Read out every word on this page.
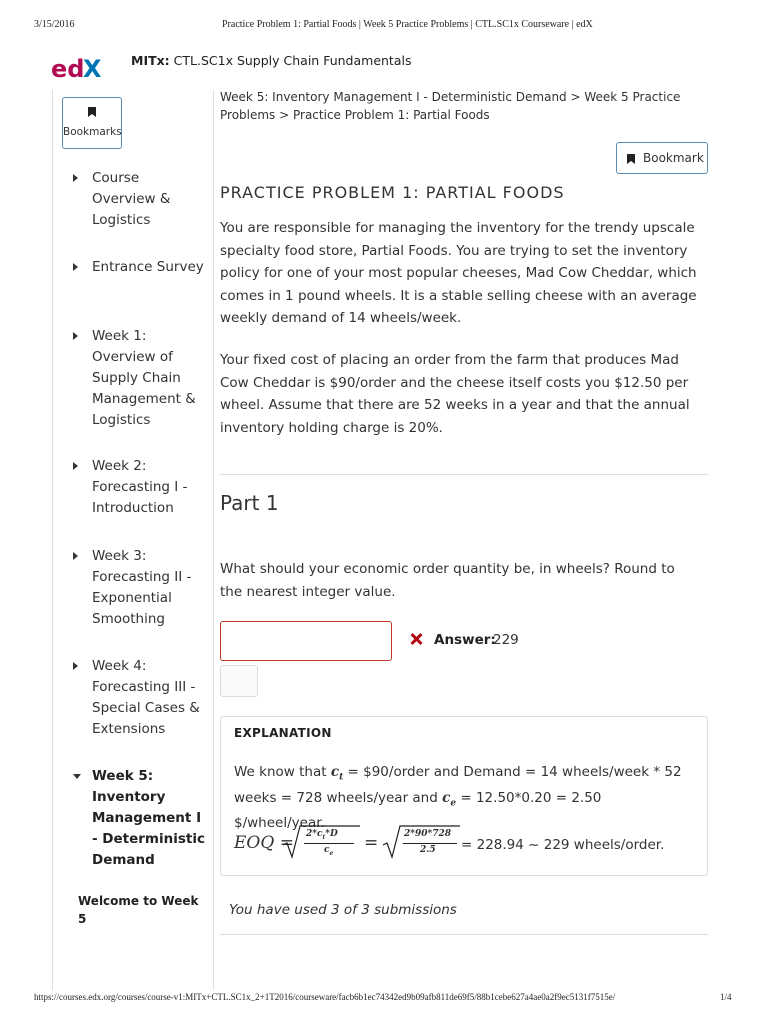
3/15/2016	Practice Problem 1: Partial Foods | Week 5 Practice Problems | CTL.SC1x Courseware | edX
ed
X MITx: CTL.SC1x Supply Chain Fundamentals
Bookmarks
Course Overview & Logistics
Entrance Survey
Week 1: Overview of Supply Chain Management & Logistics
Week 2: Forecasting I - Introduction
Week 3: Forecasting II - Exponential Smoothing
Week 4: Forecasting III - Special Cases & Extensions
Week 5: Inventory Management I - Deterministic Demand
Welcome to Week 5
Week 5: Inventory Management I - Deterministic Demand > Week 5 Practice Problems > Practice Problem 1: Partial Foods
Bookmark
PRACTICE PROBLEM 1: PARTIAL FOODS
You are responsible for managing the inventory for the trendy upscale specialty food store, Partial Foods. You are trying to set the inventory policy for one of your most popular cheeses, Mad Cow Cheddar, which comes in 1 pound wheels. It is a stable selling cheese with an average weekly demand of 14 wheels/week.
Your fixed cost of placing an order from the farm that produces Mad Cow Cheddar is $90/order and the cheese itself costs you $12.50 per wheel. Assume that there are 52 weeks in a year and that the annual inventory holding charge is 20%.
Part 1
What should your economic order quantity be, in wheels? Round to the nearest integer value.
Answer:
229
EXPLANATION
We know that $c_t$ = $90/order and Demand = 14 wheels/week * 52 weeks = 728 wheels/year and $c_e = 12.50*0.20 = 2.50$ $/wheel/year.
EOQ = $2*c_t*D$
$c_e$
=	2*90*728
2.5 = 228.94 ~ 229 wheels/order.
You have used 3 of 3 submissions
https://courses.edx.org/courses/course-v1:MITx+CTL.SC1x_2+1T2016/courseware/facb6b1ec74342ed9b09afb811de69f5/88b1cebe627a4ae0a2f9ec5131f7515e/	1/4
